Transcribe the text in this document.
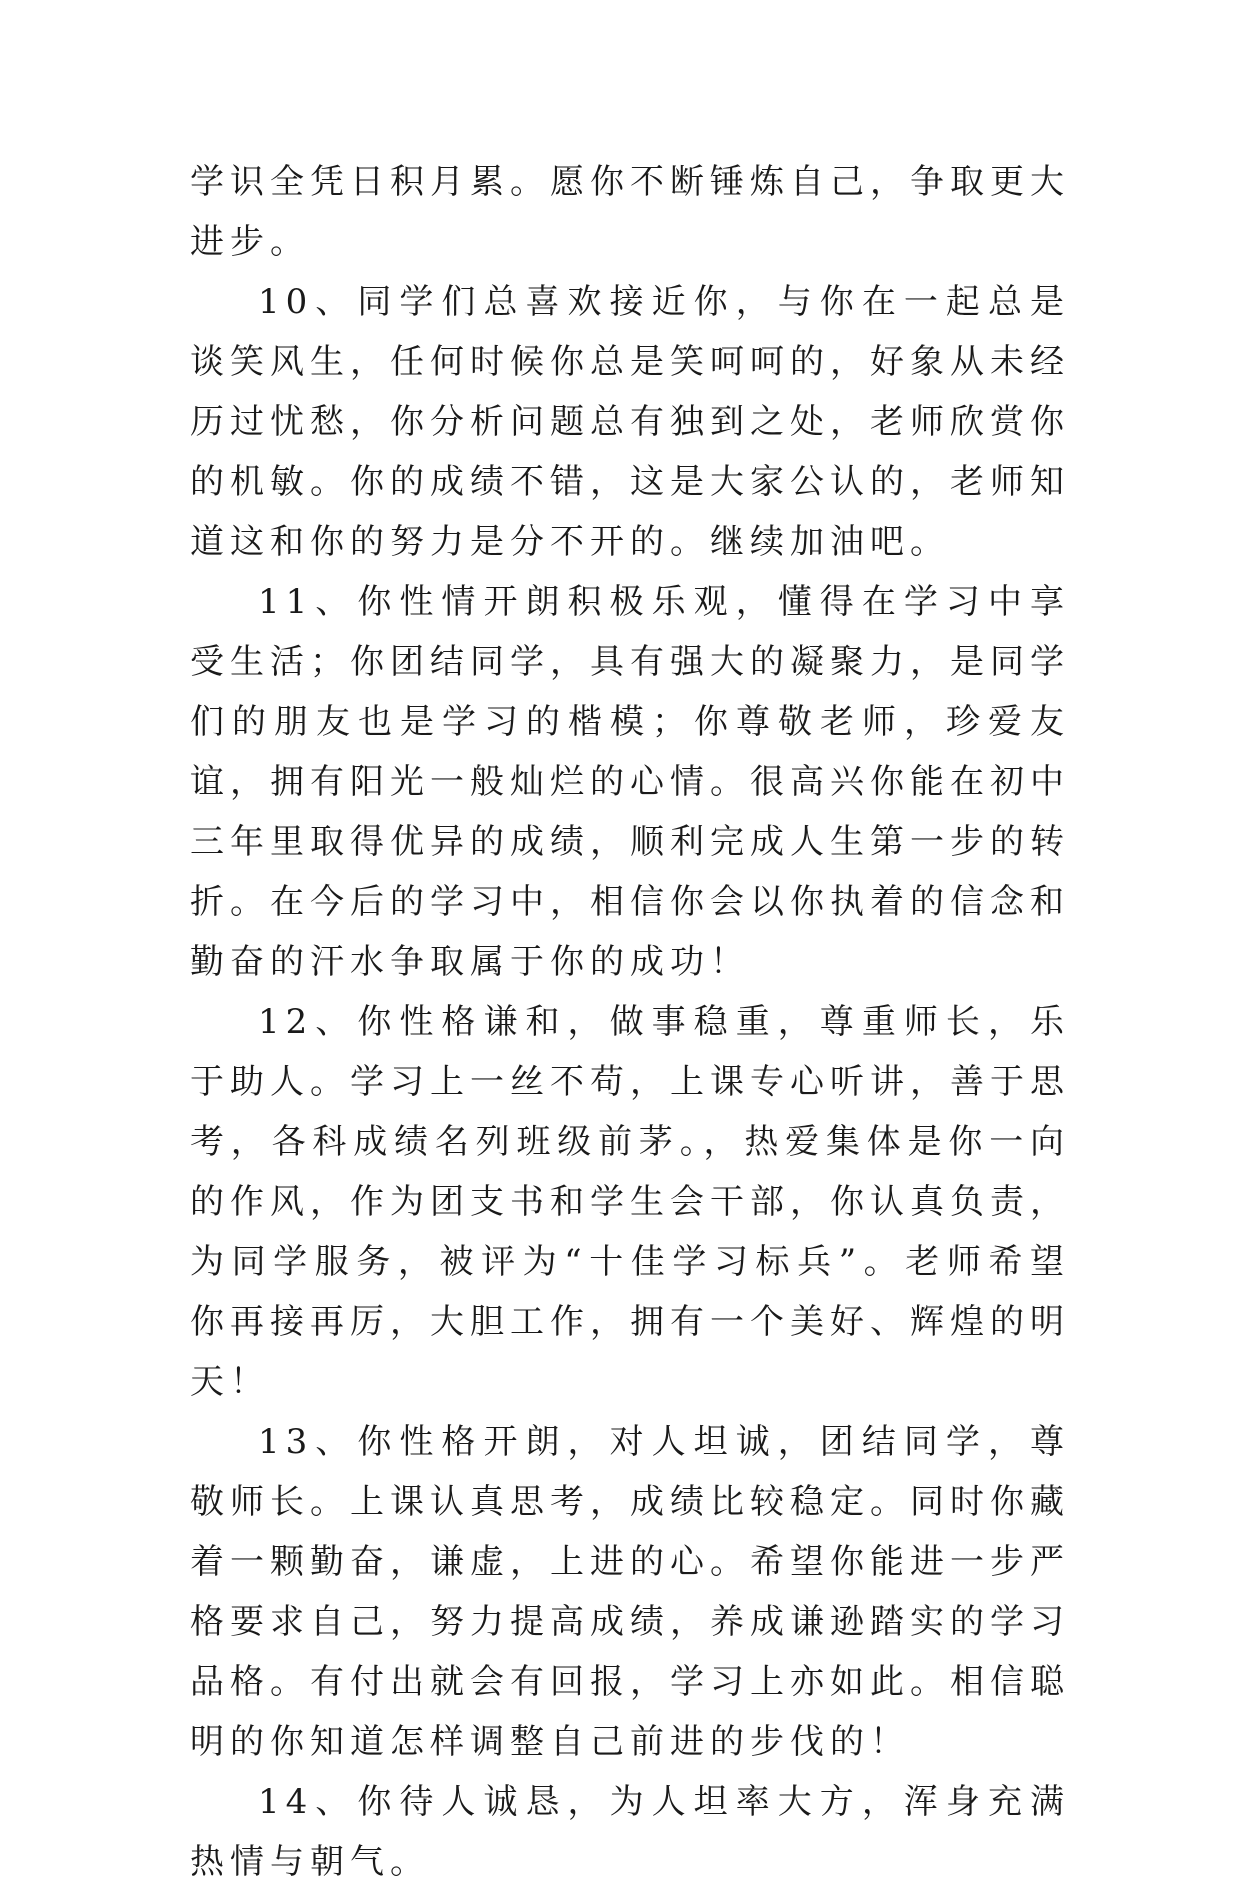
学识全凭日积月累。愿你不断锤炼自己，争取更大进步。

10、同学们总喜欢接近你，与你在一起总是谈笑风生，任何时候你总是笑呵呵的，好象从未经历过忧愁，你分析问题总有独到之处，老师欣赏你的机敏。你的成绩不错，这是大家公认的，老师知道这和你的努力是分不开的。继续加油吧。

11、你性情开朗积极乐观，懂得在学习中享受生活；你团结同学，具有强大的凝聚力，是同学们的朋友也是学习的楷模；你尊敬老师，珍爱友谊，拥有阳光一般灿烂的心情。很高兴你能在初中三年里取得优异的成绩，顺利完成人生第一步的转折。在今后的学习中，相信你会以你执着的信念和勤奋的汗水争取属于你的成功！

12、你性格谦和，做事稳重，尊重师长，乐于助人。学习上一丝不苟，上课专心听讲，善于思考，各科成绩名列班级前茅。，热爱集体是你一向的作风，作为团支书和学生会干部，你认真负责，为同学服务，被评为“十佳学习标兵”。老师希望你再接再厉，大胆工作，拥有一个美好、辉煌的明天！

13、你性格开朗，对人坦诚，团结同学，尊敬师长。上课认真思考，成绩比较稳定。同时你藏着一颗勤奋，谦虚，上进的心。希望你能进一步严格要求自己，努力提高成绩，养成谦逊踏实的学习品格。有付出就会有回报，学习上亦如此。相信聪明的你知道怎样调整自己前进的步伐的！

14、你待人诚恳，为人坦率大方，浑身充满热情与朝气。
